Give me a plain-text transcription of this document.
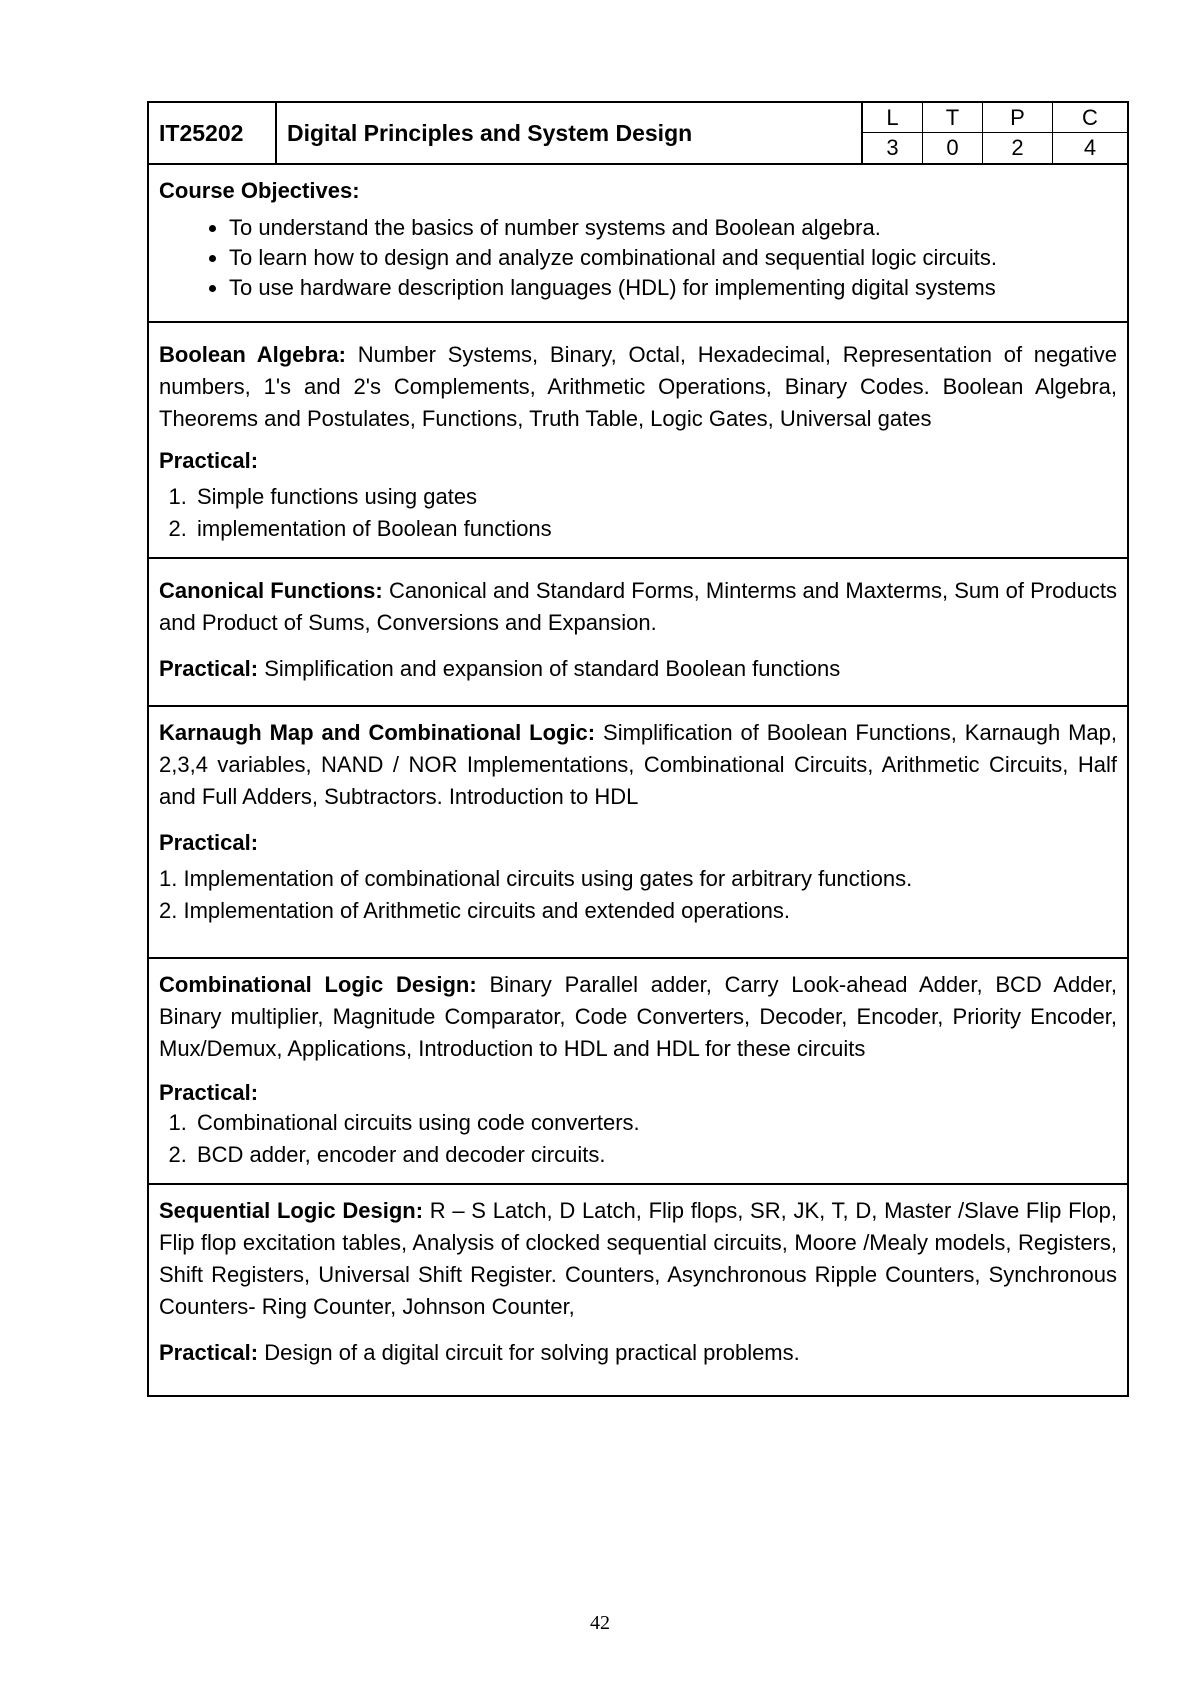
IT25202	Digital Principles and System Design
L	T	P	C
3	0	2	4
Course Objectives:
• To understand the basics of number systems and Boolean algebra.
• To learn how to design and analyze combinational and sequential logic circuits.
• To use hardware description languages (HDL) for implementing digital systems
Boolean Algebra: Number Systems, Binary, Octal, Hexadecimal, Representation of negative numbers, 1's and 2's Complements, Arithmetic Operations, Binary Codes. Boolean Algebra, Theorems and Postulates, Functions, Truth Table, Logic Gates, Universal gates
Practical:
1. Simple functions using gates
2. implementation of Boolean functions
Canonical Functions: Canonical and Standard Forms, Minterms and Maxterms, Sum of Products and Product of Sums, Conversions and Expansion.
Practical: Simplification and expansion of standard Boolean functions
Karnaugh Map and Combinational Logic: Simplification of Boolean Functions, Karnaugh Map, 2,3,4 variables, NAND / NOR Implementations, Combinational Circuits, Arithmetic Circuits, Half and Full Adders, Subtractors. Introduction to HDL
Practical:
1. Implementation of combinational circuits using gates for arbitrary functions.
2. Implementation of Arithmetic circuits and extended operations.
Combinational Logic Design: Binary Parallel adder, Carry Look-ahead Adder, BCD Adder, Binary multiplier, Magnitude Comparator, Code Converters, Decoder, Encoder, Priority Encoder, Mux/Demux, Applications, Introduction to HDL and HDL for these circuits
Practical:
1. Combinational circuits using code converters.
2. BCD adder, encoder and decoder circuits.
Sequential Logic Design: R – S Latch, D Latch, Flip flops, SR, JK, T, D, Master /Slave Flip Flop, Flip flop excitation tables, Analysis of clocked sequential circuits, Moore /Mealy models, Registers, Shift Registers, Universal Shift Register. Counters, Asynchronous Ripple Counters, Synchronous Counters- Ring Counter, Johnson Counter,
Practical: Design of a digital circuit for solving practical problems.
42
